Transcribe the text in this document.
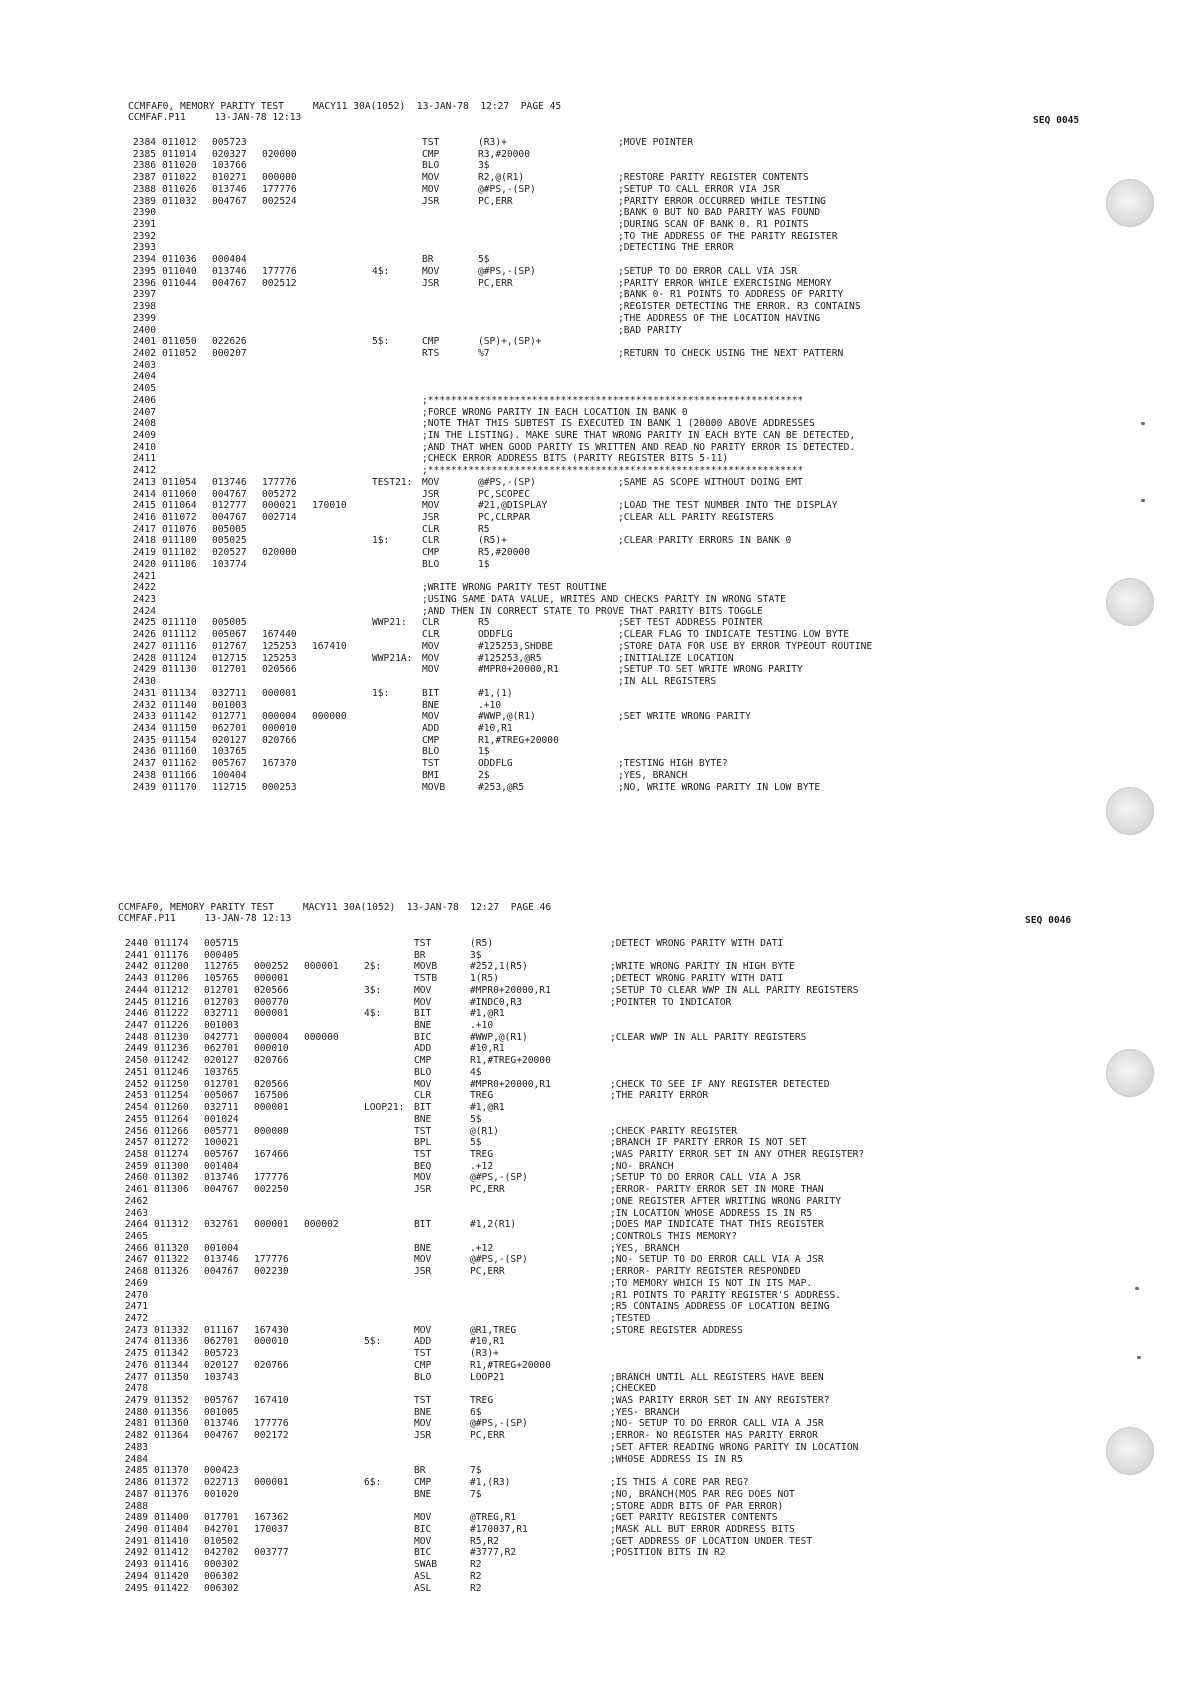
CCMFAF0, MEMORY PARITY TEST     MACY11 30A(1052)  13-JAN-78  12:27  PAGE 45
CCMFAF.P11     13-JAN-78 12:13	SEQ 0045
2384 011012 005723	TST	(R3)+	;MOVE POINTER
2385 011014 020327 020000	CMP	R3,#20000
2386 011020 103766	BLO	3$
2387 011022 010271 000000	MOV	R2,@(R1)	;RESTORE PARITY REGISTER CONTENTS
2388 011026 013746 177776	MOV	@#PS,-(SP)	;SETUP TO CALL ERROR VIA JSR
2389 011032 004767 002524	JSR	PC,ERR	;PARITY ERROR OCCURRED WHILE TESTING
2390	;BANK 0 BUT NO BAD PARITY WAS FOUND
2391	;DURING SCAN OF BANK 0. R1 POINTS
2392	;TO THE ADDRESS OF THE PARITY REGISTER
2393	;DETECTING THE ERROR
2394 011036 000404	BR	5$
2395 011040 013746 177776	4$:	MOV	@#PS,-(SP)	;SETUP TO DO ERROR CALL VIA JSR
2396 011044 004767 002512	JSR	PC,ERR	;PARITY ERROR WHILE EXERCISING MEMORY
2397	;BANK 0- R1 POINTS TO ADDRESS OF PARITY
2398	;REGISTER DETECTING THE ERROR. R3 CONTAINS
2399	;THE ADDRESS OF THE LOCATION HAVING
2400	;BAD PARITY
2401 011050 022626	5$:	CMP	(SP)+,(SP)+
2402 011052 000207	RTS	%7	;RETURN TO CHECK USING THE NEXT PATTERN
2403
2404
2405
2406	;*****************************************************************
2407	;FORCE WRONG PARITY IN EACH LOCATION IN BANK 0
2408	;NOTE THAT THIS SUBTEST IS EXECUTED IN BANK 1 (20000 ABOVE ADDRESSES
2409	;IN THE LISTING). MAKE SURE THAT WRONG PARITY IN EACH BYTE CAN BE DETECTED,
2410	;AND THAT WHEN GOOD PARITY IS WRITTEN AND READ NO PARITY ERROR IS DETECTED.
2411	;CHECK ERROR ADDRESS BITS (PARITY REGISTER BITS 5-11)
2412	;*****************************************************************
2413 011054 013746 177776	TEST21: MOV	@#PS,-(SP)	;SAME AS SCOPE WITHOUT DOING EMT
2414 011060 004767 005272	JSR	PC,SCOPEC
2415 011064 012777 000021 170010	MOV	#21,@DISPLAY	;LOAD THE TEST NUMBER INTO THE DISPLAY
2416 011072 004767 002714	JSR	PC,CLRPAR	;CLEAR ALL PARITY REGISTERS
2417 011076 005005	CLR	R5
2418 011100 005025	1$:	CLR	(R5)+	;CLEAR PARITY ERRORS IN BANK 0
2419 011102 020527 020000	CMP	R5,#20000
2420 011106 103774	BLO	1$
2421
2422	;WRITE WRONG PARITY TEST ROUTINE
2423	;USING SAME DATA VALUE, WRITES AND CHECKS PARITY IN WRONG STATE
2424	;AND THEN IN CORRECT STATE TO PROVE THAT PARITY BITS TOGGLE
2425 011110 005005	WWP21: CLR	R5	;SET TEST ADDRESS POINTER
2426 011112 005067 167440	CLR	ODDFLG	;CLEAR FLAG TO INDICATE TESTING LOW BYTE
2427 011116 012767 125253 167410	MOV	#125253,SHDBE	;STORE DATA FOR USE BY ERROR TYPEOUT ROUTINE
2428 011124 012715 125253	WWP21A: MOV	#125253,@R5	;INITIALIZE LOCATION
2429 011130 012701 020566	MOV	#MPR0+20000,R1	;SETUP TO SET WRITE WRONG PARITY
2430	;IN ALL REGISTERS
2431 011134 032711 000001	1$:	BIT	#1,(1)
2432 011140 001003	BNE	.+10
2433 011142 012771 000004 000000	MOV	#WWP,@(R1)	;SET WRITE WRONG PARITY
2434 011150 062701 000010	ADD	#10,R1
2435 011154 020127 020766	CMP	R1,#TREG+20000
2436 011160 103765	BLO	1$
2437 011162 005767 167370	TST	ODDFLG	;TESTING HIGH BYTE?
2438 011166 100404	BMI	2$	;YES, BRANCH
2439 011170 112715 000253	MOVB	#253,@R5	;NO, WRITE WRONG PARITY IN LOW BYTE
CCMFAF0, MEMORY PARITY TEST     MACY11 30A(1052)  13-JAN-78  12:27  PAGE 46
CCMFAF.P11     13-JAN-78 12:13	SEQ 0046
2440 011174 005715	TST	(R5)	;DETECT WRONG PARITY WITH DATI
2441 011176 000405	BR	3$
2442 011200 112765 000252 000001	2$:	MOVB	#252,1(R5)	;WRITE WRONG PARITY IN HIGH BYTE
2443 011206 105765 000001	TSTB	1(R5)	;DETECT WRONG PARITY WITH DATI
2444 011212 012701 020566	3$:	MOV	#MPR0+20000,R1	;SETUP TO CLEAR WWP IN ALL PARITY REGISTERS
2445 011216 012703 000770	MOV	#INDC0,R3	;POINTER TO INDICATOR
2446 011222 032711 000001	4$:	BIT	#1,@R1
2447 011226 001003	BNE	.+10
2448 011230 042771 000004 000000	BIC	#WWP,@(R1)	;CLEAR WWP IN ALL PARITY REGISTERS
2449 011236 062701 000010	ADD	#10,R1
2450 011242 020127 020766	CMP	R1,#TREG+20000
2451 011246 103765	BLO	4$
2452 011250 012701 020566	MOV	#MPR0+20000,R1	;CHECK TO SEE IF ANY REGISTER DETECTED
2453 011254 005067 167506	CLR	TREG	;THE PARITY ERROR
2454 011260 032711 000001	LOOP21: BIT	#1,@R1
2455 011264 001024	BNE	5$
2456 011266 005771 000000	TST	@(R1)	;CHECK PARITY REGISTER
2457 011272 100021	BPL	5$	;BRANCH IF PARITY ERROR IS NOT SET
2458 011274 005767 167466	TST	TREG	;WAS PARITY ERROR SET IN ANY OTHER REGISTER?
2459 011300 001404	BEQ	.+12	;NO- BRANCH
2460 011302 013746 177776	MOV	@#PS,-(SP)	;SETUP TO DO ERROR CALL VIA A JSR
2461 011306 004767 002250	JSR	PC,ERR	;ERROR- PARITY ERROR SET IN MORE THAN
2462	;ONE REGISTER AFTER WRITING WRONG PARITY
2463	;IN LOCATION WHOSE ADDRESS IS IN R5
2464 011312 032761 000001 000002	BIT	#1,2(R1)	;DOES MAP INDICATE THAT THIS REGISTER
2465	;CONTROLS THIS MEMORY?
2466 011320 001004	BNE	.+12	;YES, BRANCH
2467 011322 013746 177776	MOV	@#PS,-(SP)	;NO- SETUP TO DO ERROR CALL VIA A JSR
2468 011326 004767 002230	JSR	PC,ERR	;ERROR- PARITY REGISTER RESPONDED
2469	;TO MEMORY WHICH IS NOT IN ITS MAP.
2470	;R1 POINTS TO PARITY REGISTER'S ADDRESS.
2471	;R5 CONTAINS ADDRESS OF LOCATION BEING
2472	;TESTED
2473 011332 011167 167430	MOV	@R1,TREG	;STORE REGISTER ADDRESS
2474 011336 062701 000010	5$:	ADD	#10,R1
2475 011342 005723	TST	(R3)+
2476 011344 020127 020766	CMP	R1,#TREG+20000
2477 011350 103743	BLO	LOOP21	;BRANCH UNTIL ALL REGISTERS HAVE BEEN
2478	;CHECKED
2479 011352 005767 167410	TST	TREG	;WAS PARITY ERROR SET IN ANY REGISTER?
2480 011356 001005	BNE	6$	;YES- BRANCH
2481 011360 013746 177776	MOV	@#PS,-(SP)	;NO- SETUP TO DO ERROR CALL VIA A JSR
2482 011364 004767 002172	JSR	PC,ERR	;ERROR- NO REGISTER HAS PARITY ERROR
2483	;SET AFTER READING WRONG PARITY IN LOCATION
2484	;WHOSE ADDRESS IS IN R5
2485 011370 000423	BR	7$
2486 011372 022713 000001	6$:	CMP	#1,(R3)	;IS THIS A CORE PAR REG?
2487 011376 001020	BNE	7$	;NO, BRANCH(MOS PAR REG DOES NOT
2488	;STORE ADDR BITS OF PAR ERROR)
2489 011400 017701 167362	MOV	@TREG,R1	;GET PARITY REGISTER CONTENTS
2490 011404 042701 170037	BIC	#170037,R1	;MASK ALL BUT ERROR ADDRESS BITS
2491 011410 010502	MOV	R5,R2	;GET ADDRESS OF LOCATION UNDER TEST
2492 011412 042702 003777	BIC	#3777,R2	;POSITION BITS IN R2
2493 011416 000302	SWAB	R2
2494 011420 006302	ASL	R2
2495 011422 006302	ASL	R2
